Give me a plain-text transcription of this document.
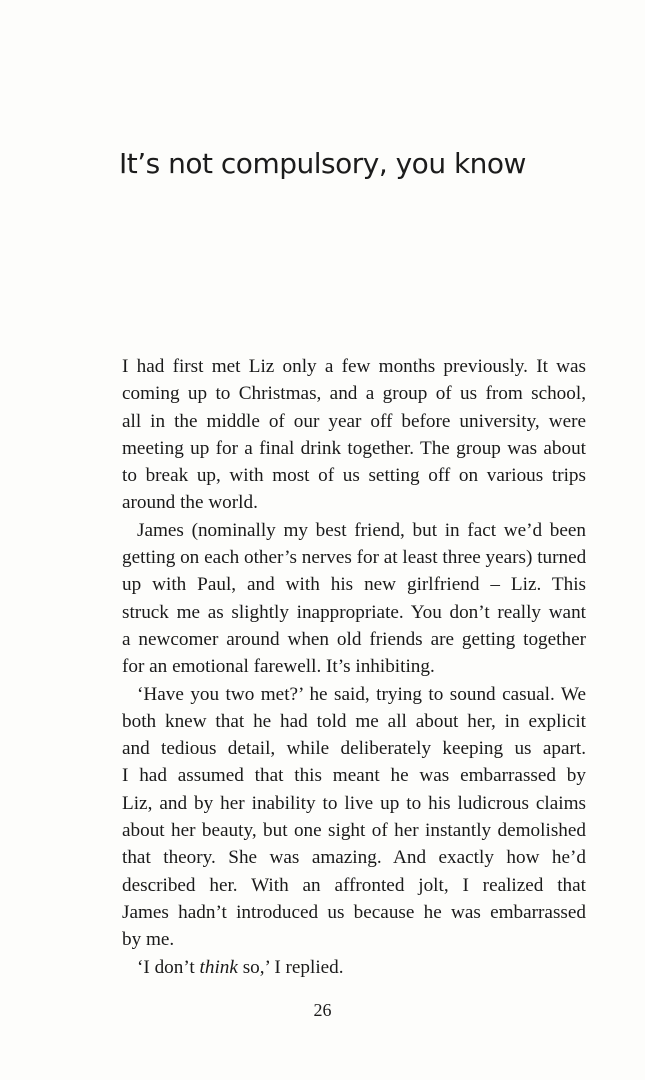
It’s not compulsory, you know
I had first met Liz only a few months previously. It was
coming up to Christmas, and a group of us from school,
all in the middle of our year off before university, were
meeting up for a final drink together. The group was about
to break up, with most of us setting off on various trips
around the world.
James (nominally my best friend, but in fact we’d been
getting on each other’s nerves for at least three years) turned
up with Paul, and with his new girlfriend – Liz. This
struck me as slightly inappropriate. You don’t really want
a newcomer around when old friends are getting together
for an emotional farewell. It’s inhibiting.
‘Have you two met?’ he said, trying to sound casual. We
both knew that he had told me all about her, in explicit
and tedious detail, while deliberately keeping us apart.
I had assumed that this meant he was embarrassed by
Liz, and by her inability to live up to his ludicrous claims
about her beauty, but one sight of her instantly demolished
that theory. She was amazing. And exactly how he’d
described her. With an affronted jolt, I realized that
James hadn’t introduced us because he was embarrassed
by me.
‘I don’t think so,’ I replied.
26
